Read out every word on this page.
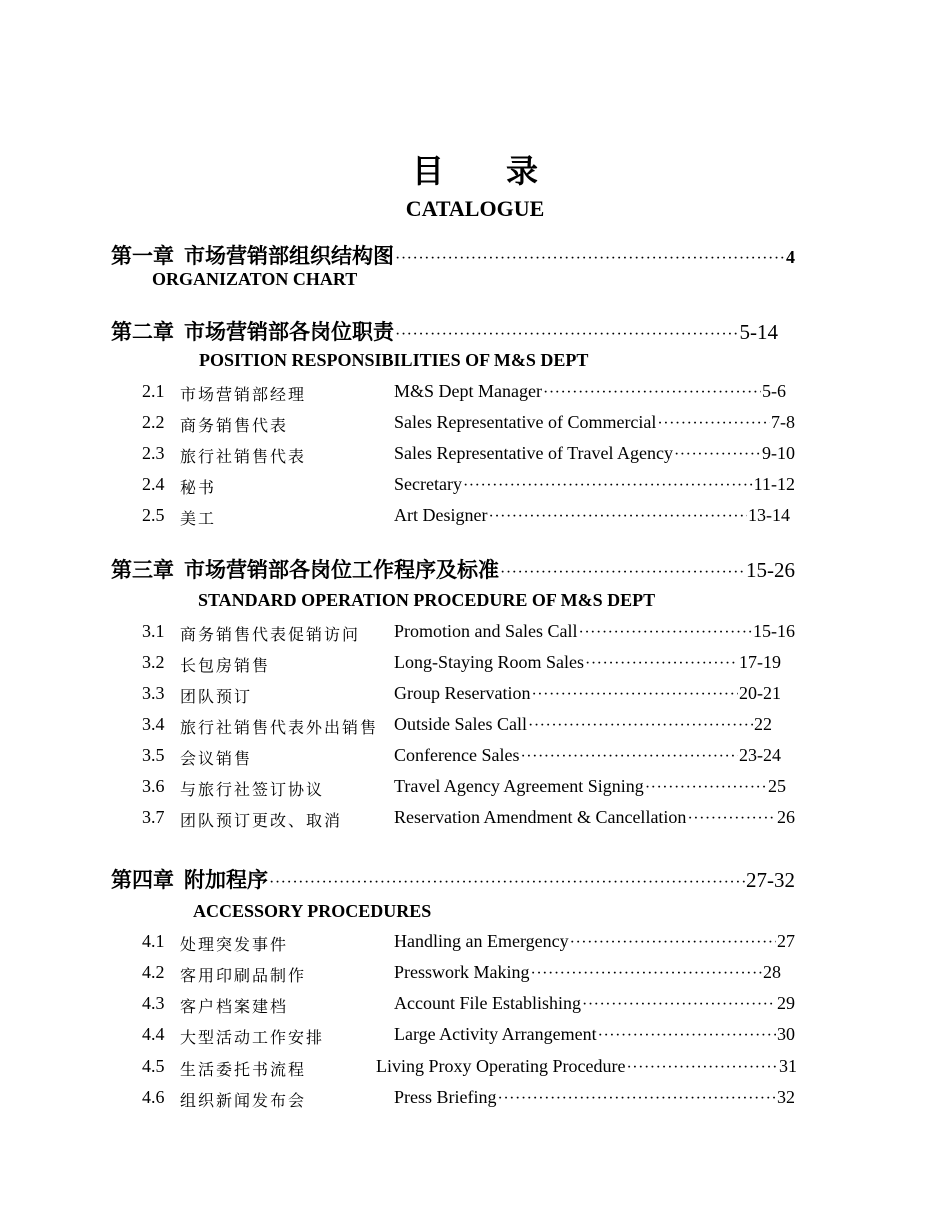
目录
CATALOGUE
第一章 市场营销部组织结构图 ·····	4
ORGANIZATON CHART
第二章 市场营销部各岗位职责 ·····	5-14
POSITION RESPONSIBILITIES OF M&S DEPT
2.1 市场营销部经理	M&S Dept Manager ·····	5-6
2.2 商务销售代表	Sales Representative of Commercial ·····	7-8
2.3 旅行社销售代表	Sales Representative of Travel Agency ·····	9-10
2.4 秘书	Secretary ·····	11-12
2.5 美工	Art Designer ·····	13-14
第三章 市场营销部各岗位工作程序及标准 ·····	15-26
STANDARD OPERATION PROCEDURE OF M&S DEPT
3.1 商务销售代表促销访问 Promotion and Sales Call ·····	15-16
3.2 长包房销售	Long-Staying Room Sales ·····	17-19
3.3 团队预订	Group Reservation ·····	20-21
3.4 旅行社销售代表外出销售 Outside Sales Call ·····	22
3.5 会议销售	Conference Sales ·····	23-24
3.6 与旅行社签订协议	Travel Agency Agreement Signing ·····	25
3.7 团队预订更改、取消	Reservation Amendment & Cancellation ·····	26
第四章 附加程序 ·····	27-32
ACCESSORY PROCEDURES
4.1 处理突发事件	Handling an Emergency ·····	27
4.2 客用印刷品制作	Presswork Making ·····	28
4.3 客户档案建档	Account File Establishing ·····	29
4.4 大型活动工作安排	Large Activity Arrangement ·····	30
4.5 生活委托书流程	Living Proxy Operating Procedure ·····	31
4.6 组织新闻发布会	Press Briefing ·····	32
